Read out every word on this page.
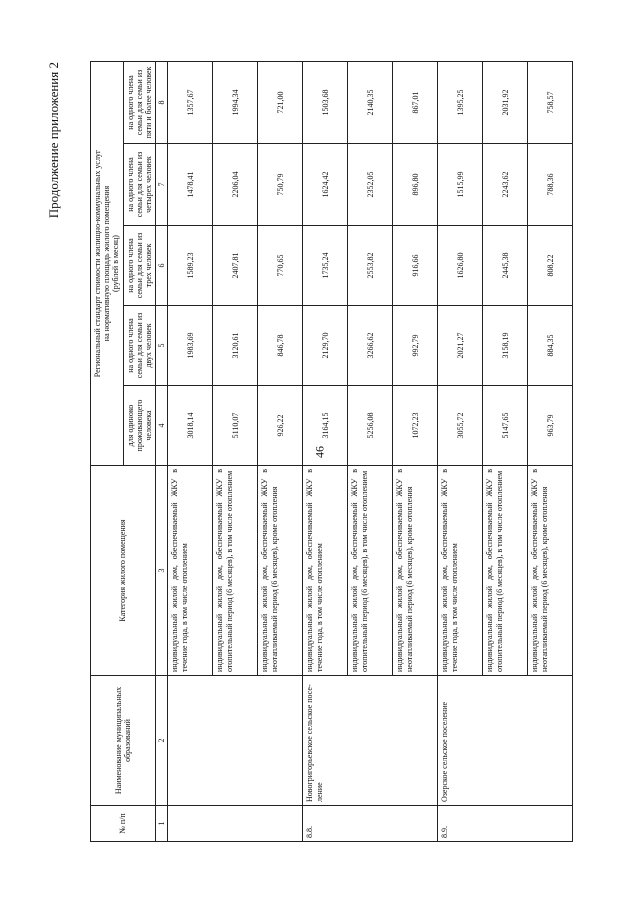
46
Продолжение приложения 2
№ п/п	Наименование муниципальных образований	Категория жилого помещения	Региональный стандарт стоимости жилищно-коммунальных услуг на нормативную площадь жилого помещения (рублей в месяц)				

			для одиноко проживающего человека	на одного члена семьи для семьи из двух человек	на одного члена семьи для семьи из трех человек	на одного члена семьи для семьи из четырех человек	на одного члена семьи для семьи из пяти и более человек
1	2	3	4	5	6	7	8
		индивидуальный жилой дом, обеспечиваемый ЖКУ в течение года, в том числе отоплением	3018,14	1983,69	1589,23	1478,41	1357,67
		индивидуальный жилой дом, обеспечиваемый ЖКУ в отопительный период (6 месяцев), в том числе отоплением	5110,07	3120,61	2407,81	2206,04	1994,34
		индивидуальный жилой дом, обеспечиваемый ЖКУ в неотапливаемый период (6 месяцев), кроме отопления	926,22	846,78	770,65	750,79	721,00
8.8.	Новогригорьевское сельское посе-ление	индивидуальный жилой дом, обеспечиваемый ЖКУ в течение года, в том числе отоплением	3164,15	2129,70	1735,24	1624,42	1503,68
		индивидуальный жилой дом, обеспечиваемый ЖКУ в отопительный период (6 месяцев), в том числе отоплением	5256,08	3266,62	2553,82	2352,05	2140,35
		индивидуальный жилой дом, обеспечиваемый ЖКУ в неотапливаемый период (6 месяцев), кроме отопления	1072,23	992,79	916,66	896,80	867,01
8.9.	Озерское сельское поселение	индивидуальный жилой дом, обеспечиваемый ЖКУ в течение года, в том числе отоплением	3055,72	2021,27	1626,80	1515,99	1395,25
		индивидуальный жилой дом, обеспечиваемый ЖКУ в отопительный период (6 месяцев), в том числе отоплением	5147,65	3158,19	2445,38	2243,62	2031,92
		индивидуальный жилой дом, обеспечиваемый ЖКУ в неотапливаемый период (6 месяцев), кроме отопления	963,79	884,35	808,22	788,36	758,57
